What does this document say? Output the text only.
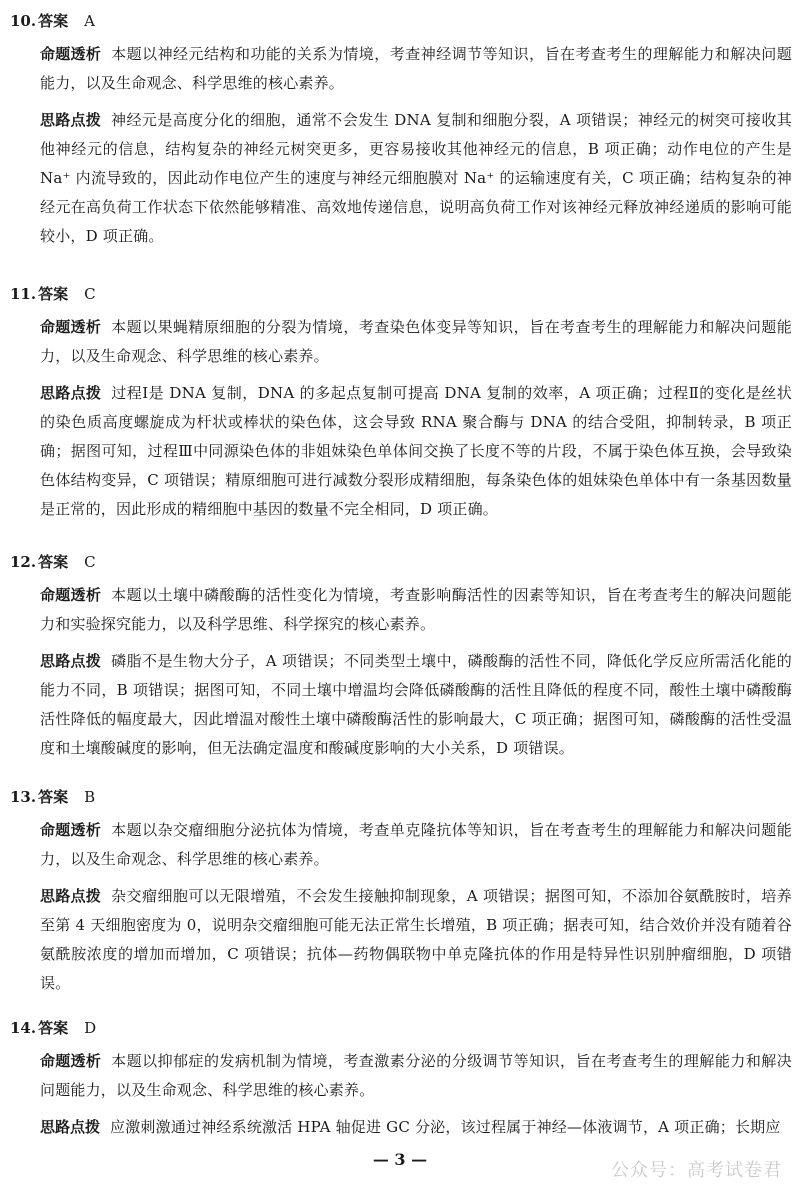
10. 答案 A
命题透析 本题以神经元结构和功能的关系为情境，考查神经调节等知识，旨在考查考生的理解能力和解决问题能力，以及生命观念、科学思维的核心素养。
思路点拨 神经元是高度分化的细胞，通常不会发生 DNA 复制和细胞分裂，A 项错误；神经元的树突可接收其他神经元的信息，结构复杂的神经元树突更多，更容易接收其他神经元的信息，B 项正确；动作电位的产生是 Na⁺ 内流导致的，因此动作电位产生的速度与神经元细胞膜对 Na⁺ 的运输速度有关，C 项正确；结构复杂的神经元在高负荷工作状态下依然能够精准、高效地传递信息，说明高负荷工作对该神经元释放神经递质的影响可能较小，D 项正确。
11. 答案 C
命题透析 本题以果蝇精原细胞的分裂为情境，考查染色体变异等知识，旨在考查考生的理解能力和解决问题能力，以及生命观念、科学思维的核心素养。
思路点拨 过程Ⅰ是 DNA 复制，DNA 的多起点复制可提高 DNA 复制的效率，A 项正确；过程Ⅱ的变化是丝状的染色质高度螺旋成为杆状或棒状的染色体，这会导致 RNA 聚合酶与 DNA 的结合受阻，抑制转录，B 项正确；据图可知，过程Ⅲ中同源染色体的非姐妹染色单体间交换了长度不等的片段，不属于染色体互换，会导致染色体结构变异，C 项错误；精原细胞可进行减数分裂形成精细胞，每条染色体的姐妹染色单体中有一条基因数量是正常的，因此形成的精细胞中基因的数量不完全相同，D 项正确。
12. 答案 C
命题透析 本题以土壤中磷酸酶的活性变化为情境，考查影响酶活性的因素等知识，旨在考查考生的解决问题能力和实验探究能力，以及科学思维、科学探究的核心素养。
思路点拨 磷脂不是生物大分子，A 项错误；不同类型土壤中，磷酸酶的活性不同，降低化学反应所需活化能的能力不同，B 项错误；据图可知，不同土壤中增温均会降低磷酸酶的活性且降低的程度不同，酸性土壤中磷酸酶活性降低的幅度最大，因此增温对酸性土壤中磷酸酶活性的影响最大，C 项正确；据图可知，磷酸酶的活性受温度和土壤酸碱度的影响，但无法确定温度和酸碱度影响的大小关系，D 项错误。
13. 答案 B
命题透析 本题以杂交瘤细胞分泌抗体为情境，考查单克隆抗体等知识，旨在考查考生的理解能力和解决问题能力，以及生命观念、科学思维的核心素养。
思路点拨 杂交瘤细胞可以无限增殖，不会发生接触抑制现象，A 项错误；据图可知，不添加谷氨酰胺时，培养至第 4 天细胞密度为 0，说明杂交瘤细胞可能无法正常生长增殖，B 项正确；据表可知，结合效价并没有随着谷氨酰胺浓度的增加而增加，C 项错误；抗体—药物偶联物中单克隆抗体的作用是特异性识别肿瘤细胞，D 项错误。
14. 答案 D
命题透析 本题以抑郁症的发病机制为情境，考查激素分泌的分级调节等知识，旨在考查考生的理解能力和解决问题能力，以及生命观念、科学思维的核心素养。
思路点拨 应激刺激通过神经系统激活 HPA 轴促进 GC 分泌，该过程属于神经—体液调节，A 项正确；长期应
— 3 —
公众号：高考试卷君
